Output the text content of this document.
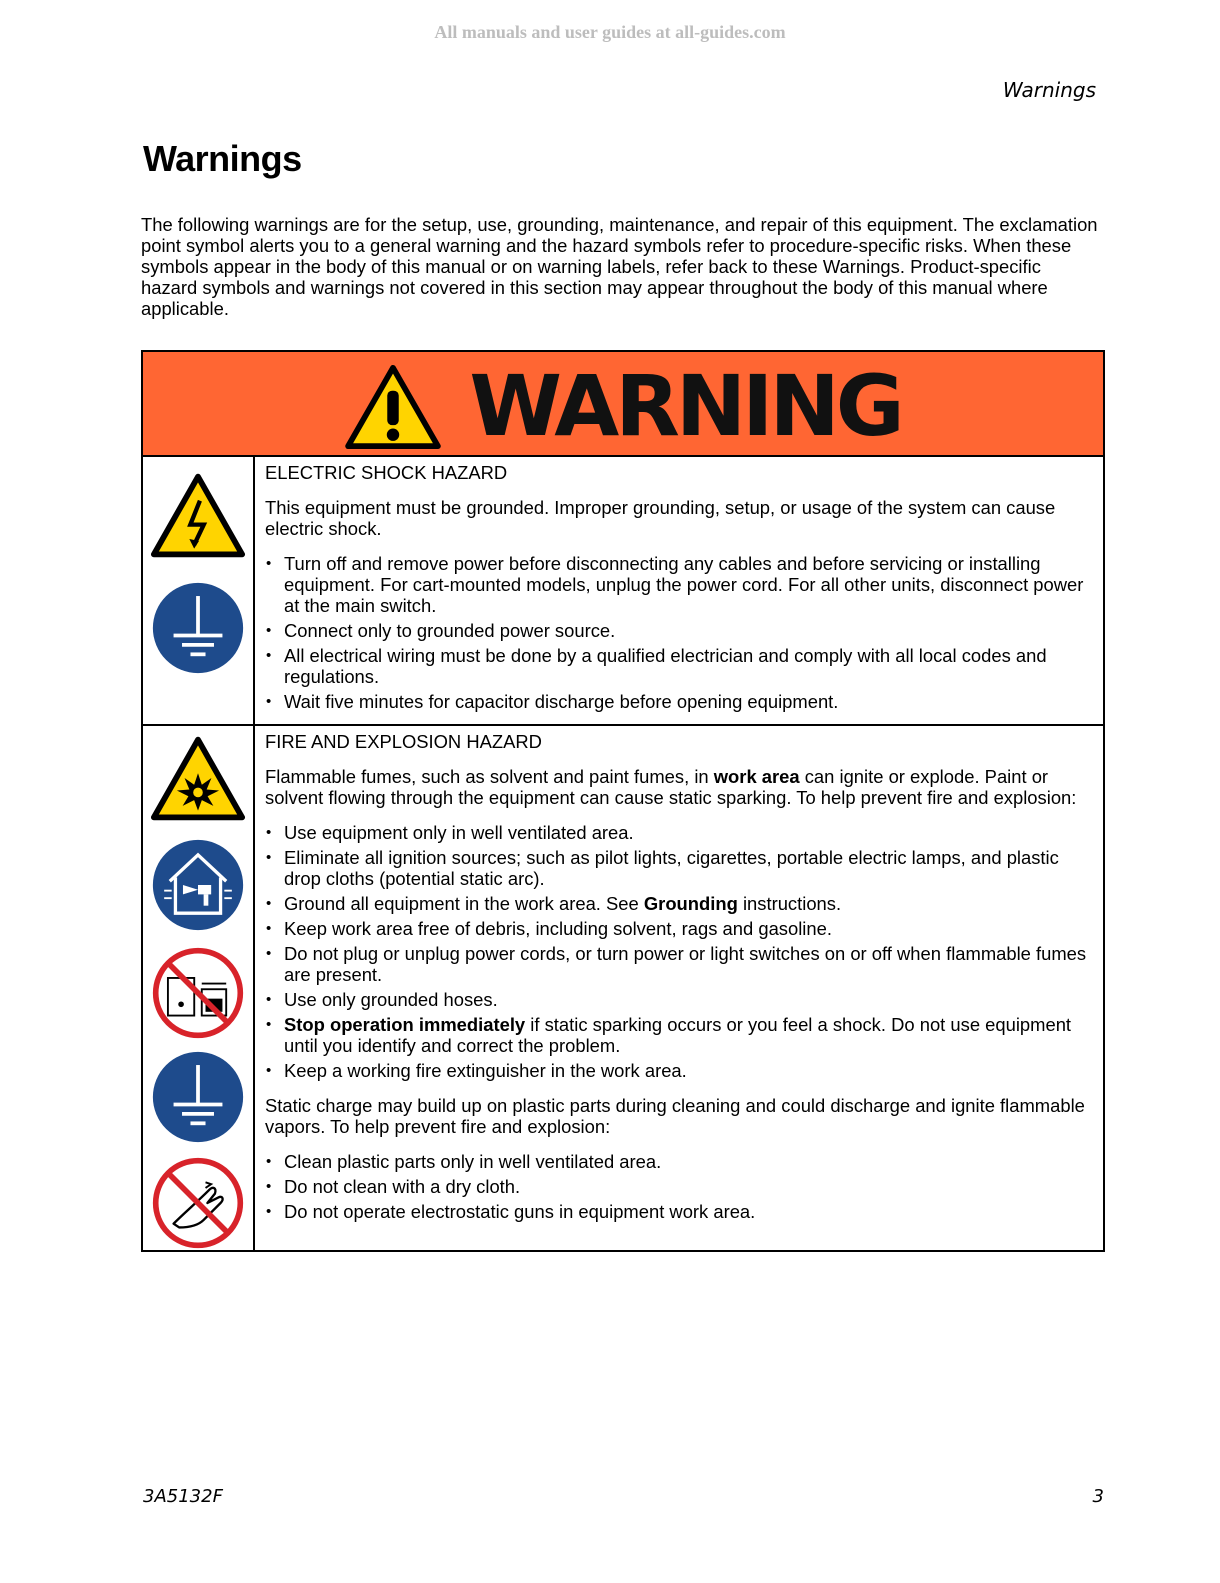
All manuals and user guides at all-guides.com
Warnings
Warnings

The following warnings are for the setup, use, grounding, maintenance, and repair of this equipment. The exclamation point symbol alerts you to a general warning and the hazard symbols refer to procedure-specific risks. When these symbols appear in the body of this manual or on warning labels, refer back to these Warnings. Product-specific hazard symbols and warnings not covered in this section may appear throughout the body of this manual where applicable.

WARNING
ELECTRIC SHOCK HAZARD

This equipment must be grounded. Improper grounding, setup, or usage of the system can cause electric shock.

• Turn off and remove power before disconnecting any cables and before servicing or installing equipment. For cart-mounted models, unplug the power cord. For all other units, disconnect power at the main switch.
• Connect only to grounded power source.
• All electrical wiring must be done by a qualified electrician and comply with all local codes and regulations.
• Wait five minutes for capacitor discharge before opening equipment.
FIRE AND EXPLOSION HAZARD

Flammable fumes, such as solvent and paint fumes, in work area can ignite or explode. Paint or solvent flowing through the equipment can cause static sparking. To help prevent fire and explosion:

• Use equipment only in well ventilated area.
• Eliminate all ignition sources; such as pilot lights, cigarettes, portable electric lamps, and plastic drop cloths (potential static arc).
• Ground all equipment in the work area. See Grounding instructions.
• Keep work area free of debris, including solvent, rags and gasoline.
• Do not plug or unplug power cords, or turn power or light switches on or off when flammable fumes are present.
• Use only grounded hoses.
• Stop operation immediately if static sparking occurs or you feel a shock. Do not use equipment until you identify and correct the problem.
• Keep a working fire extinguisher in the work area.

Static charge may build up on plastic parts during cleaning and could discharge and ignite flammable vapors. To help prevent fire and explosion:

• Clean plastic parts only in well ventilated area.
• Do not clean with a dry cloth.
• Do not operate electrostatic guns in equipment work area.
3A5132F	3
